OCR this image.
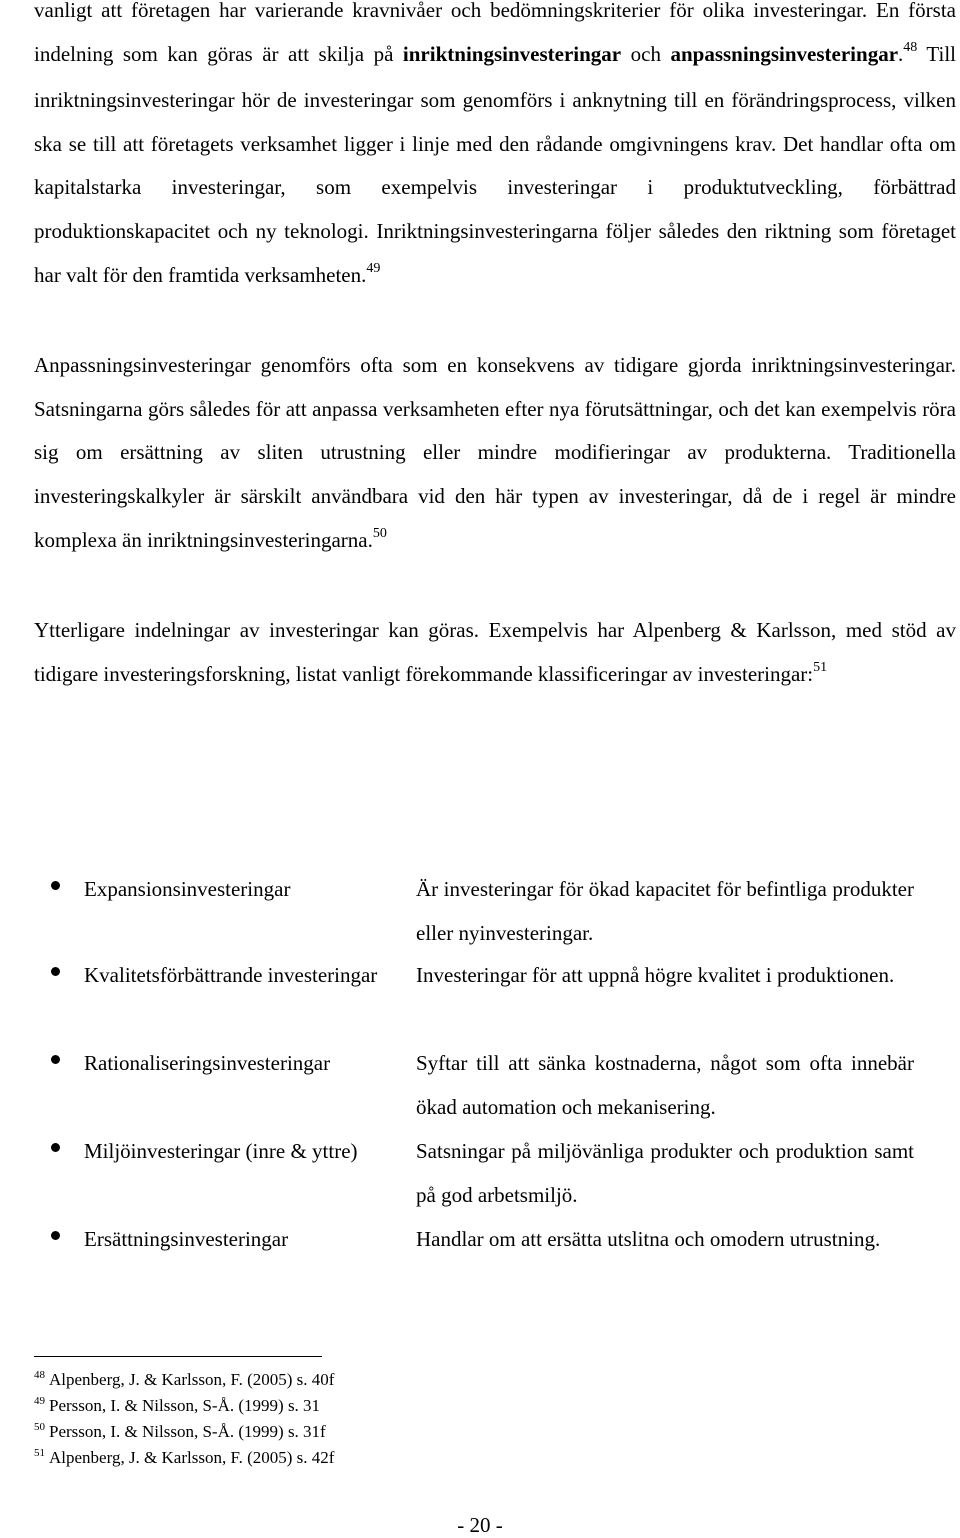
vanligt att företagen har varierande kravnivåer och bedömningskriterier för olika investeringar. En första indelning som kan göras är att skilja på inriktningsinvesteringar och anpassningsinvesteringar.$^{48}$ Till inriktningsinvesteringar hör de investeringar som genomförs i anknytning till en förändringsprocess, vilken ska se till att företagets verksamhet ligger i linje med den rådande omgivningens krav. Det handlar ofta om kapitalstarka investeringar, som exempelvis investeringar i produktutveckling, förbättrad produktionskapacitet och ny teknologi. Inriktningsinvesteringarna följer således den riktning som företaget har valt för den framtida verksamheten.$^{49}$

Anpassningsinvesteringar genomförs ofta som en konsekvens av tidigare gjorda inriktningsinvesteringar. Satsningarna görs således för att anpassa verksamheten efter nya förutsättningar, och det kan exempelvis röra sig om ersättning av sliten utrustning eller mindre modifieringar av produkterna. Traditionella investeringskalkyler är särskilt användbara vid den här typen av investeringar, då de i regel är mindre komplexa än inriktningsinvesteringarna.$^{50}$

Ytterligare indelningar av investeringar kan göras. Exempelvis har Alpenberg & Karlsson, med stöd av tidigare investeringsforskning, listat vanligt förekommande klassificeringar av investeringar:$^{51}$

Expansionsinvesteringar	Är investeringar för ökad kapacitet för befintliga produkter eller nyinvesteringar.
Kvalitetsförbättrande investeringar	Investeringar för att uppnå högre kvalitet i produktionen.
Rationaliseringsinvesteringar	Syftar till att sänka kostnaderna, något som ofta innebär ökad automation och mekanisering.
Miljöinvesteringar (inre & yttre)	Satsningar på miljövänliga produkter och produktion samt på god arbetsmiljö.
Ersättningsinvesteringar	Handlar om att ersätta utslitna och omodern utrustning.
$^{48}$ Alpenberg, J. & Karlsson, F. (2005) s. 40f
$^{49}$ Persson, I. & Nilsson, S-Å. (1999) s. 31
$^{50}$ Persson, I. & Nilsson, S-Å. (1999) s. 31f
$^{51}$ Alpenberg, J. & Karlsson, F. (2005) s. 42f
- 20 -
